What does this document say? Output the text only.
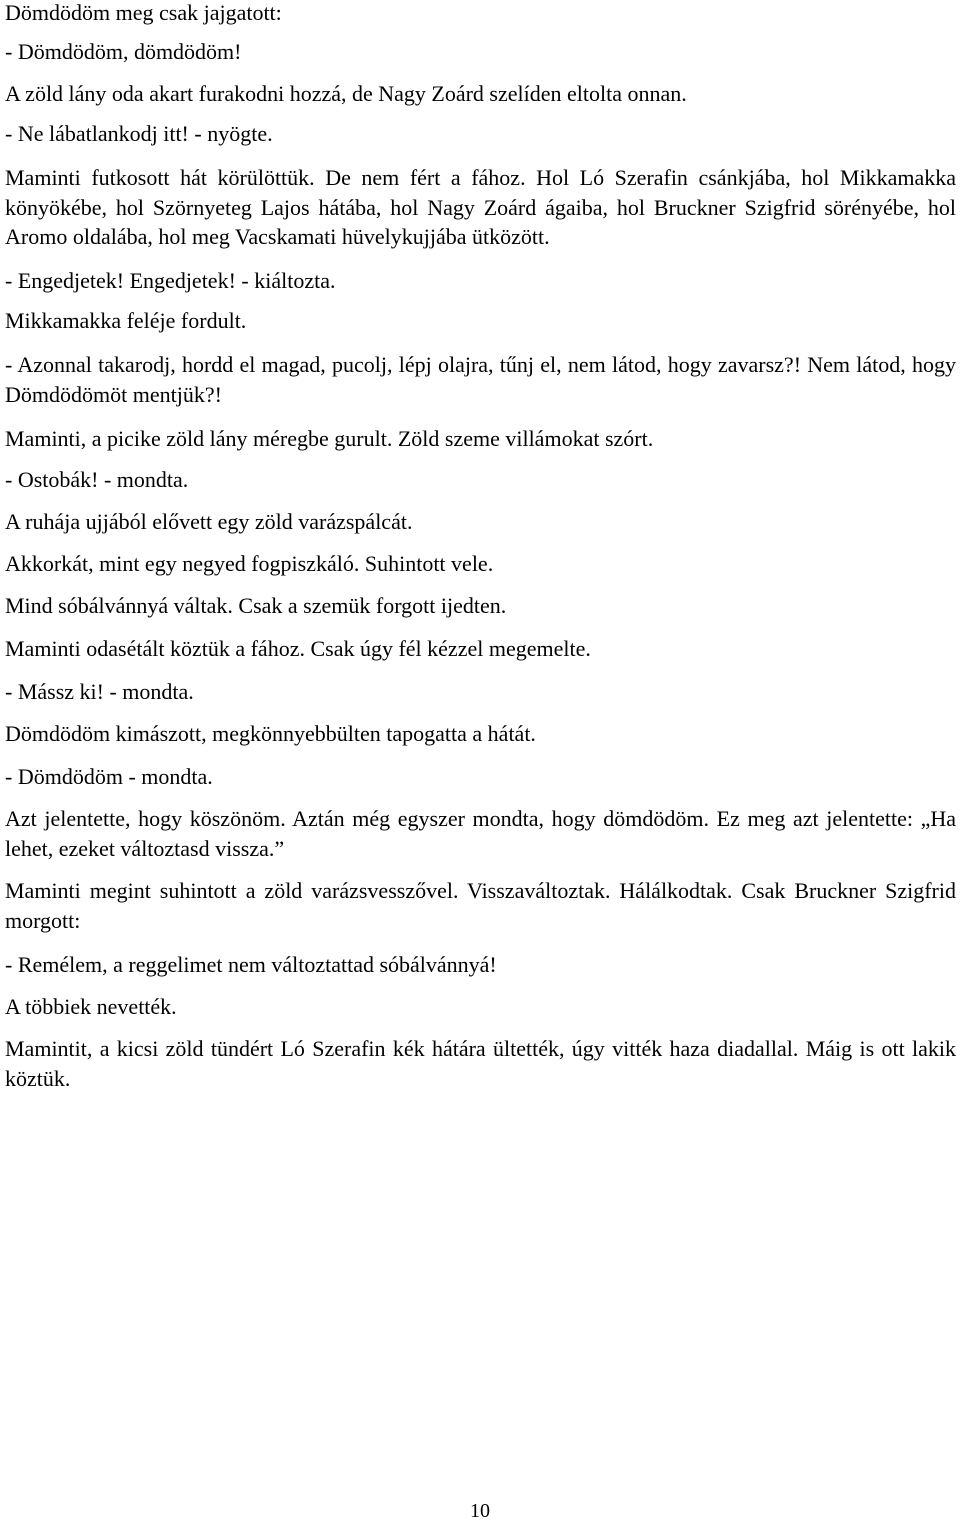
Dömdödöm meg csak jajgatott:

- Dömdödöm, dömdödöm!

A zöld lány oda akart furakodni hozzá, de Nagy Zoárd szelíden eltolta onnan.

- Ne lábatlankodj itt! - nyögte.

Maminti futkosott hát körülöttük. De nem fért a fához. Hol Ló Szerafin csánkjába, hol Mikkamakka könyökébe, hol Szörnyeteg Lajos hátába, hol Nagy Zoárd ágaiba, hol Bruckner Szigfrid sörényébe, hol Aromo oldalába, hol meg Vacskamati hüvelykujjába ütközött.

- Engedjetek! Engedjetek! - kiáltozta.

Mikkamakka feléje fordult.

- Azonnal takarodj, hordd el magad, pucolj, lépj olajra, tűnj el, nem látod, hogy zavarsz?! Nem látod, hogy Dömdödömöt mentjük?!

Maminti, a picike zöld lány méregbe gurult. Zöld szeme villámokat szórt.

- Ostobák! - mondta.

A ruhája ujjából elővett egy zöld varázspálcát.

Akkorkát, mint egy negyed fogpiszkáló. Suhintott vele.

Mind sóbálvánnyá váltak. Csak a szemük forgott ijedten.

Maminti odasétált köztük a fához. Csak úgy fél kézzel megemelte.

- Mássz ki! - mondta.

Dömdödöm kimászott, megkönnyebbülten tapogatta a hátát.

- Dömdödöm - mondta.

Azt jelentette, hogy köszönöm. Aztán még egyszer mondta, hogy dömdödöm. Ez meg azt jelentette: „Ha lehet, ezeket változtasd vissza.”

Maminti megint suhintott a zöld varázsvesszővel. Visszaváltoztak. Hálálkodtak. Csak Bruckner Szigfrid morgott:

- Remélem, a reggelimet nem változtattad sóbálvánnyá!

A többiek nevették.

Mamintit, a kicsi zöld tündért Ló Szerafin kék hátára ültették, úgy vitték haza diadallal. Máig is ott lakik köztük.

10
